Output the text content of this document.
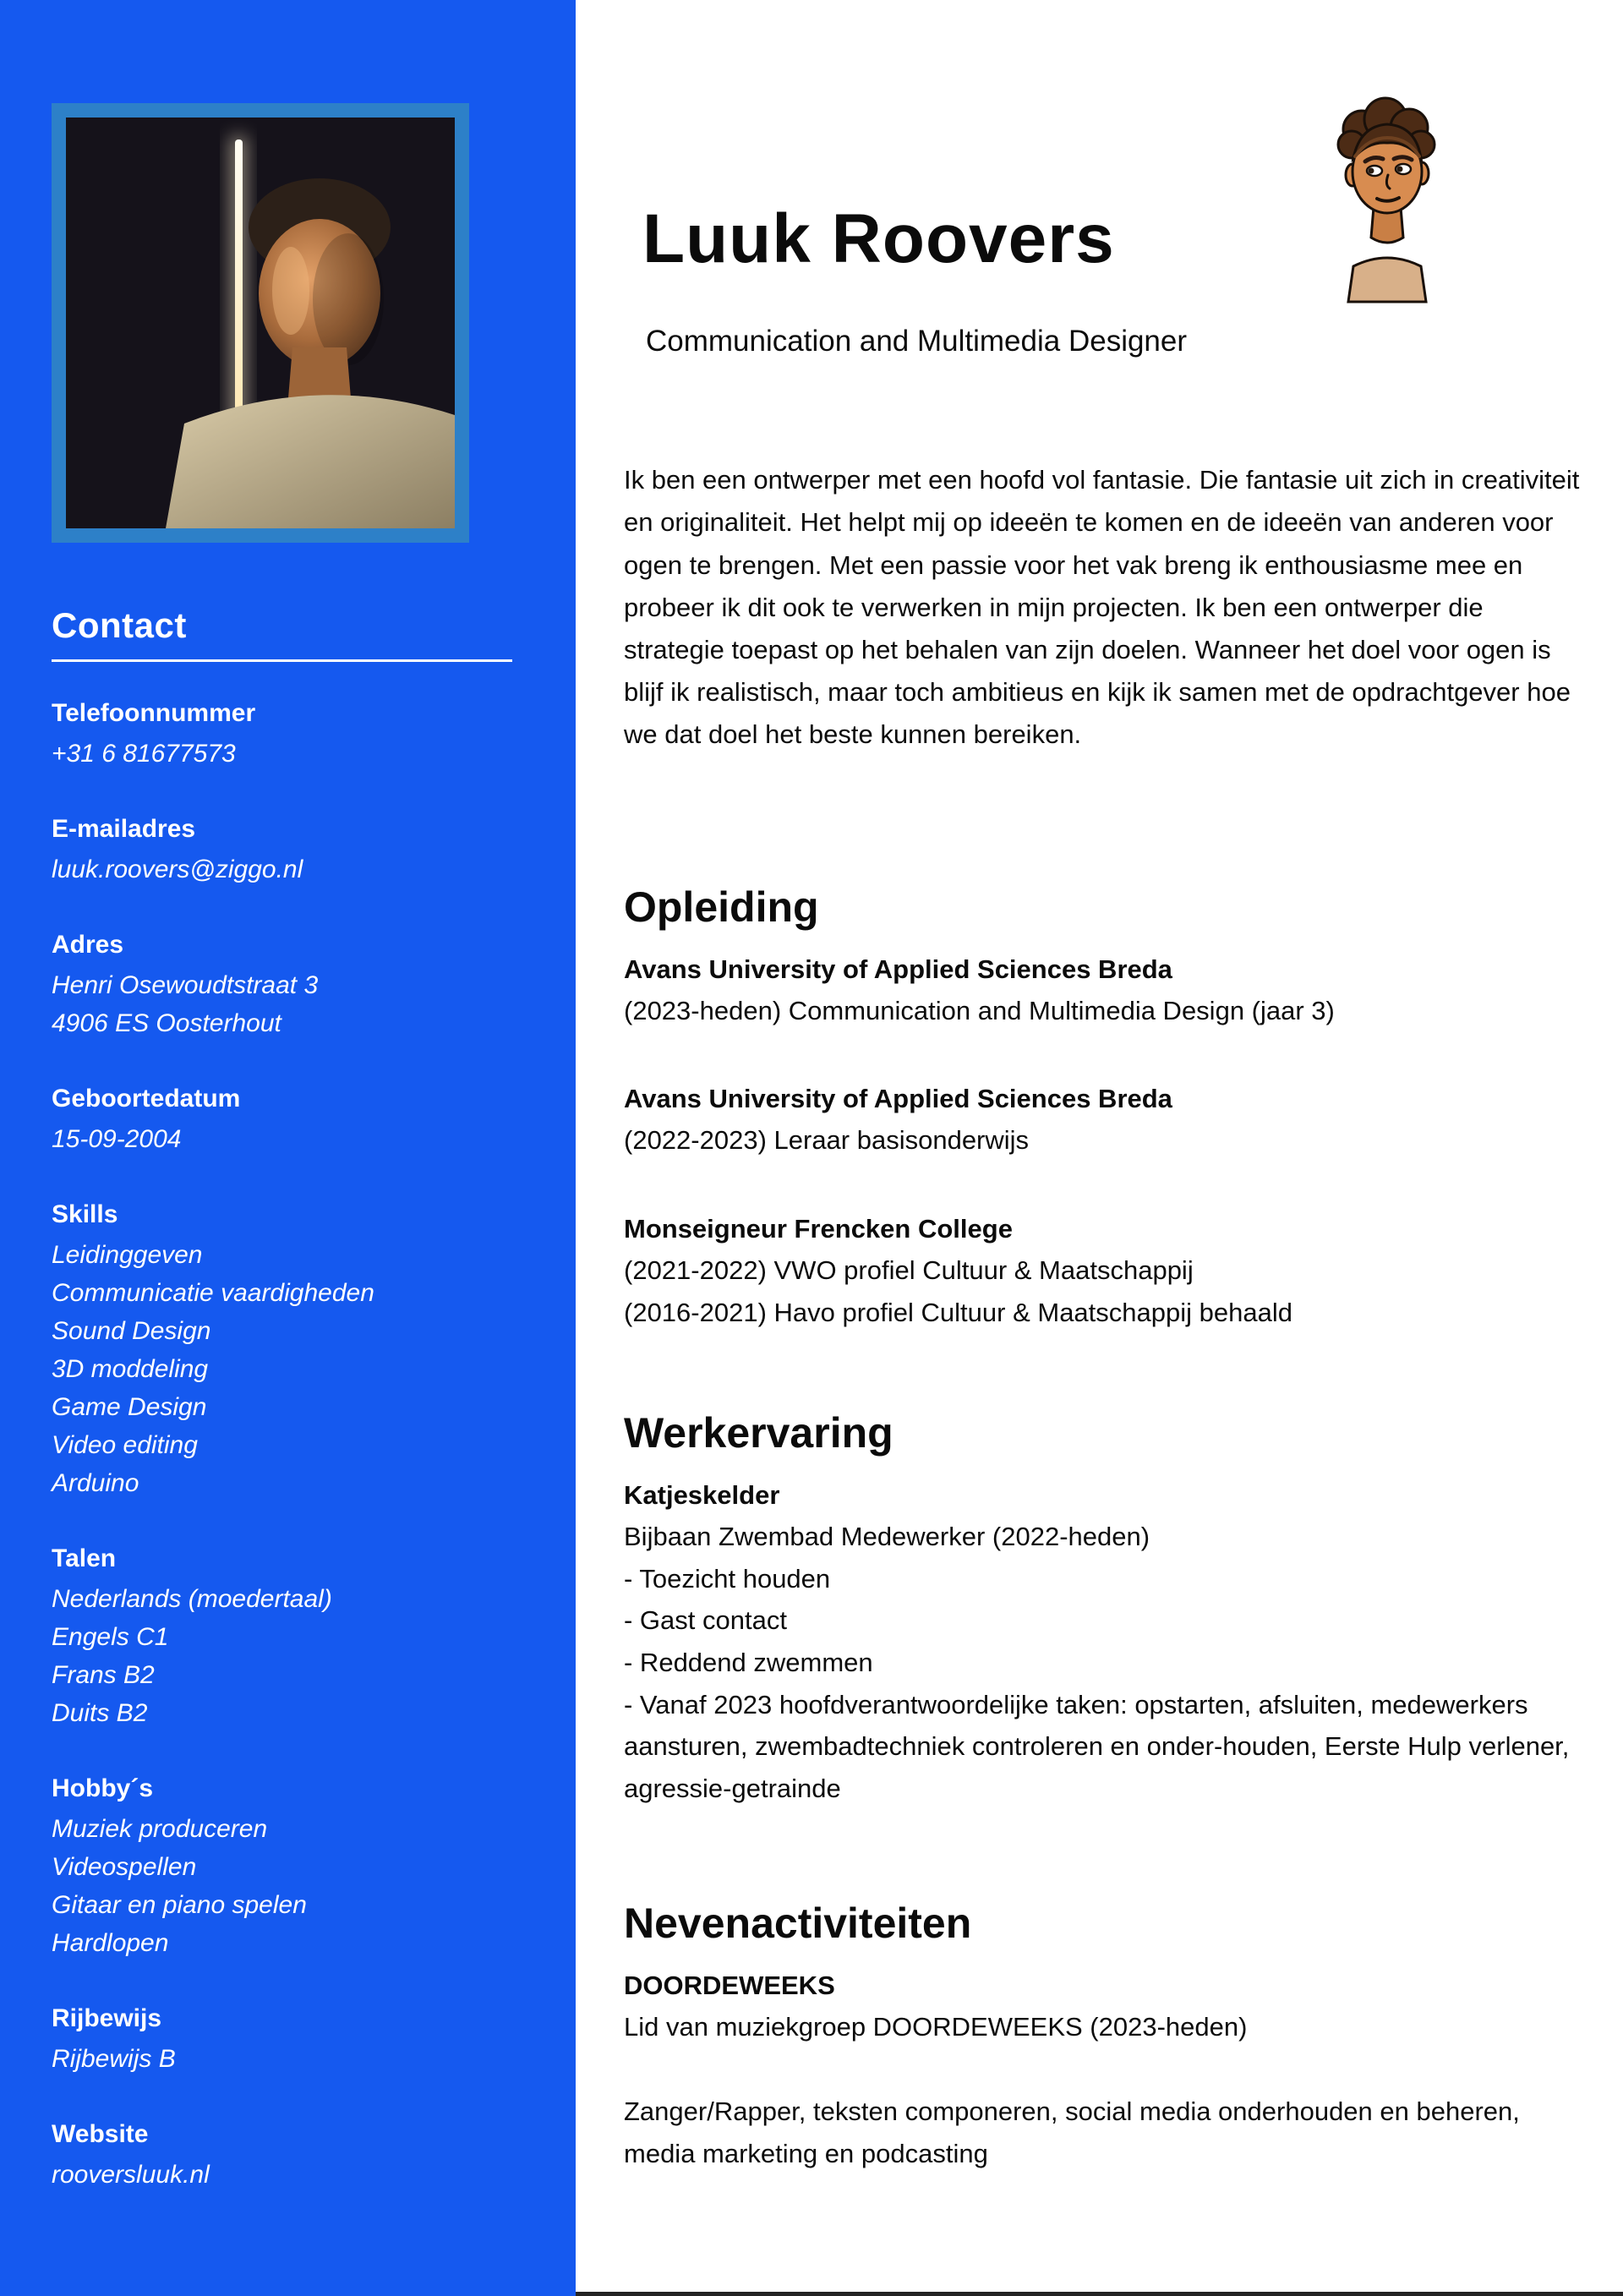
Contact
Telefoonnummer
+31 6 81677573
E-mailadres
luuk.roovers@ziggo.nl
Adres
Henri Osewoudtstraat 3
4906 ES Oosterhout
Geboortedatum
15-09-2004
Skills
Leidinggeven
Communicatie vaardigheden
Sound Design
3D moddeling
Game Design
Video editing
Arduino
Talen
Nederlands (moedertaal)
Engels C1
Frans B2
Duits B2
Hobby´s
Muziek produceren
Videospellen
Gitaar en piano spelen
Hardlopen
Rijbewijs
Rijbewijs B
Website
rooversluuk.nl
Luuk Roovers
Communication and Multimedia Designer

Ik ben een ontwerper met een hoofd vol fantasie. Die fantasie uit zich in creativiteit en originaliteit. Het helpt mij op ideeën te komen en de ideeën van anderen voor ogen te brengen. Met een passie voor het vak breng ik enthousiasme mee en probeer ik dit ook te verwerken in mijn projecten. Ik ben een ontwerper die strategie toepast op het behalen van zijn doelen. Wanneer het doel voor ogen is blijf ik realistisch, maar toch ambitieus en kijk ik samen met de opdrachtgever hoe we dat doel het beste kunnen bereiken.

Opleiding
Avans University of Applied Sciences Breda
(2023-heden) Communication and Multimedia Design (jaar 3)
Avans University of Applied Sciences Breda
(2022-2023) Leraar basisonderwijs
Monseigneur Frencken College
(2021-2022) VWO profiel Cultuur & Maatschappij
(2016-2021) Havo profiel Cultuur & Maatschappij behaald
Werkervaring
Katjeskelder
Bijbaan Zwembad Medewerker (2022-heden)
- Toezicht houden
- Gast contact
- Reddend zwemmen
- Vanaf 2023 hoofdverantwoordelijke taken: opstarten, afsluiten, medewerkers aansturen, zwembadtechniek controleren en onder-houden, Eerste Hulp verlener, agressie-getrainde
Nevenactiviteiten
DOORDEWEEKS
Lid van muziekgroep DOORDEWEEKS (2023-heden)
Zanger/Rapper, teksten componeren, social media onderhouden en beheren, media marketing en podcasting
